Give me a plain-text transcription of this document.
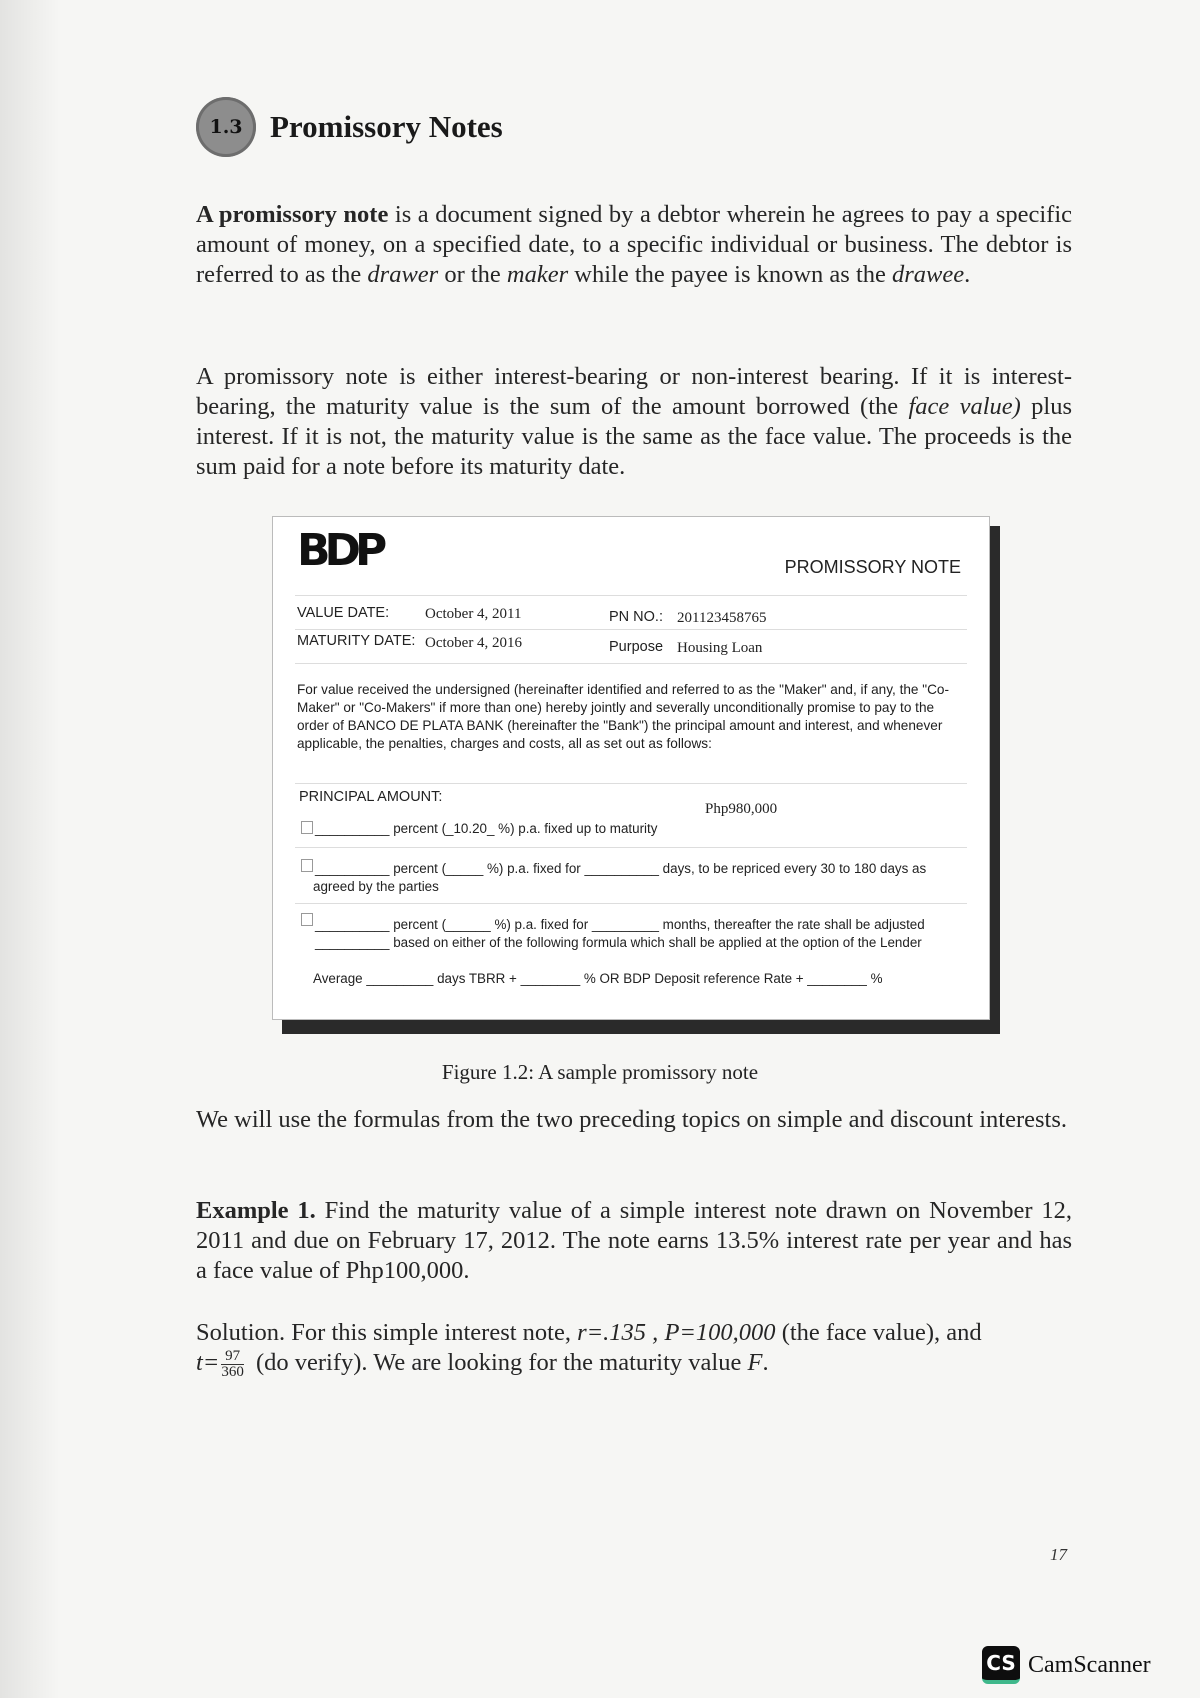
1.3 Promissory Notes
A promissory note is a document signed by a debtor wherein he agrees to pay a specific amount of money, on a specified date, to a specific individual or business. The debtor is referred to as the drawer or the maker while the payee is known as the drawee.
A promissory note is either interest-bearing or non-interest bearing. If it is interest-bearing, the maturity value is the sum of the amount borrowed (the face value) plus interest. If it is not, the maturity value is the same as the face value. The proceeds is the sum paid for a note before its maturity date.
BDP	PROMISSORY NOTE
VALUE DATE: October 4, 2011	PN NO.: 201123458765
MATURITY DATE: October 4, 2016	Purpose Housing Loan
For value received the undersigned (hereinafter identified and referred to as the "Maker" and, if any, the "Co-Maker" or "Co-Makers" if more than one) hereby jointly and severally unconditionally promise to pay to the order of BANCO DE PLATA BANK (hereinafter the "Bank") the principal amount and interest, and whenever applicable, the penalties, charges and costs, all as set out as follows:
PRINCIPAL AMOUNT:
Php980,000
__________ percent (_10.20_ %) p.a. fixed up to maturity
__________ percent (_____ %) p.a. fixed for __________ days, to be repriced every 30 to 180 days as
agreed by the parties
__________ percent (______ %) p.a. fixed for _________ months, thereafter the rate shall be adjusted
__________ based on either of the following formula which shall be applied at the option of the Lender
Average _________ days TBRR + ________ % OR BDP Deposit reference Rate + ________ %
Figure 1.2: A sample promissory note
We will use the formulas from the two preceding topics on simple and discount interests.
Example 1. Find the maturity value of a simple interest note drawn on November 12, 2011 and due on February 17, 2012. The note earns 13.5% interest rate per year and has a face value of Php100,000.
Solution. For this simple interest note, r=.135 , P=100,000 (the face value), and
$t= \frac{97}{360} (do$ verify). We are looking for the maturity value F.
17
CS CamScanner
